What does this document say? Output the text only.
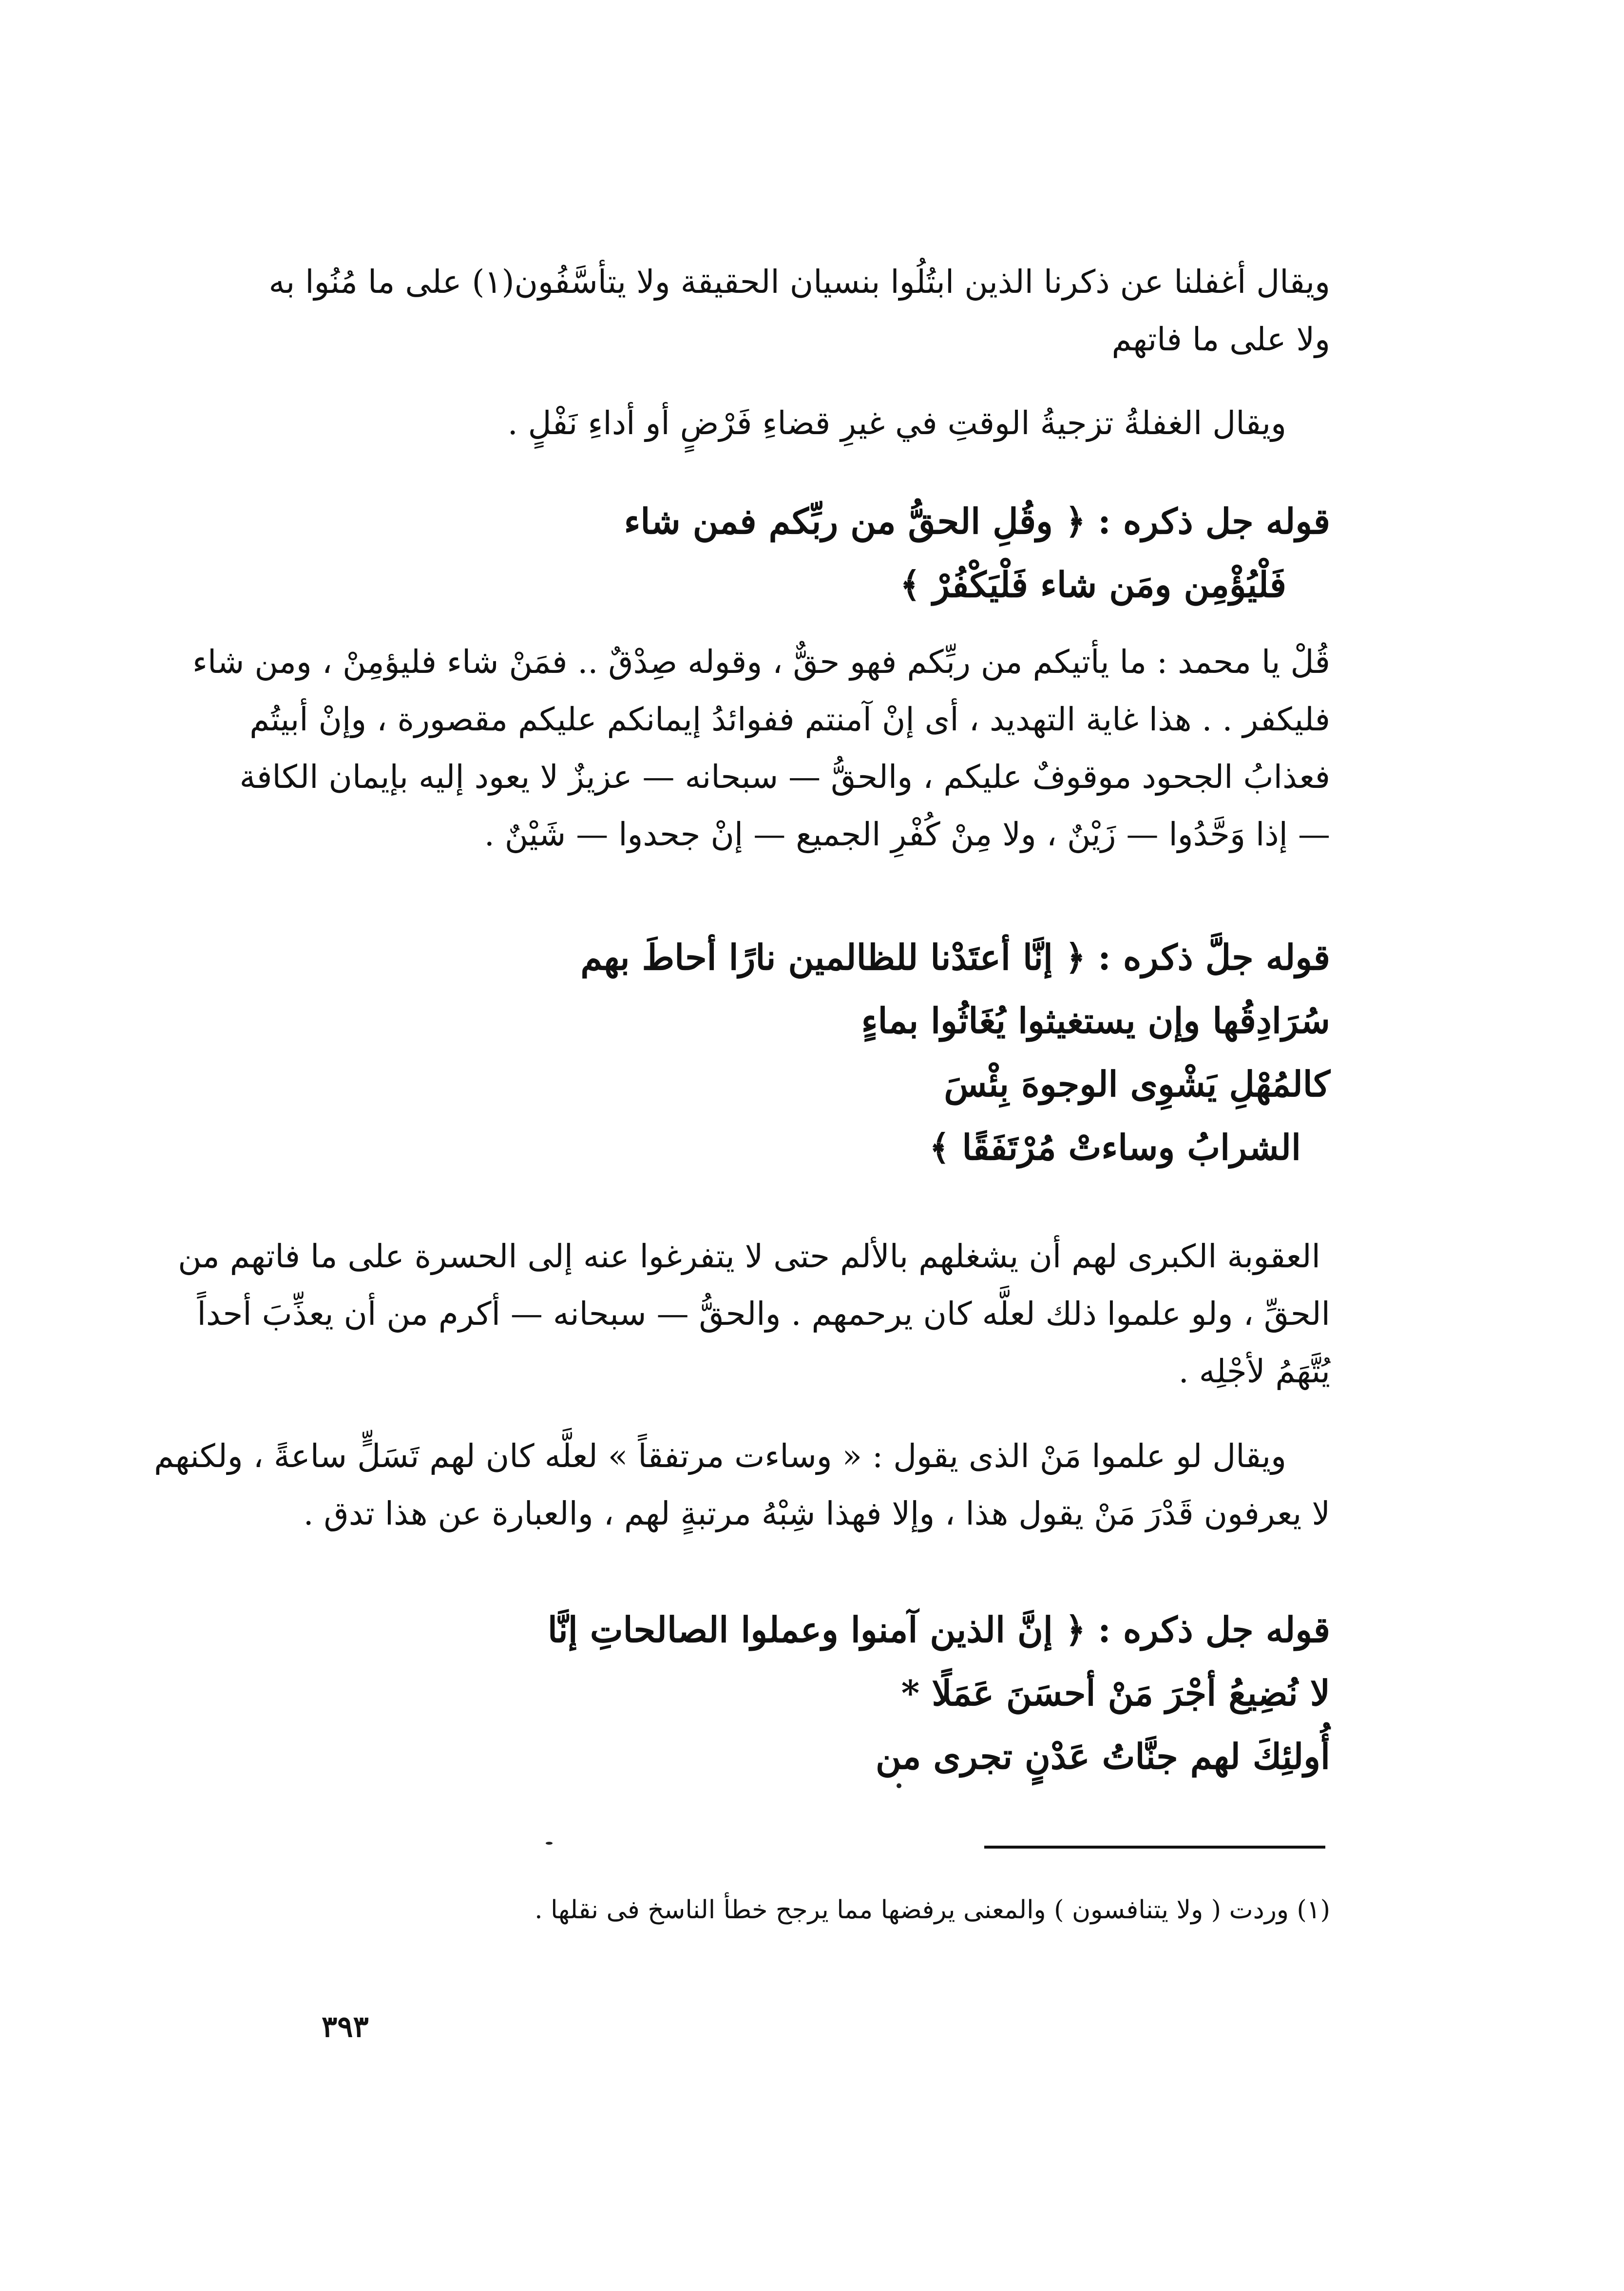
ويقال أغفلنا عن ذكرنا الذين ابتُلُوا بنسيان الحقيقة ولا يتأسَّفُون(١) على ما مُنُوا به
ولا على ما فاتهم

ويقال الغفلةُ تزجيةُ الوقتِ في غيرِ قضاءِ فَرْضٍ أو أداءِ نَفْلٍ .

قوله جل ذكره : ﴿ وقُلِ الحقُّ من ربِّكم فمن شاء
فَلْيُؤْمِن ومَن شاء فَلْيَكْفُرْ ﴾

قُلْ يا محمد : ما يأتيكم من ربِّكم فهو حقٌّ ، وقوله صِدْقٌ .. فمَنْ شاء فليؤمِنْ ، ومن شاء
فليكفر . . هذا غاية التهديد ، أى إنْ آمنتم ففوائدُ إيمانكم عليكم مقصورة ، وإنْ أبيتُم
فعذابُ الجحود موقوفٌ عليكم ، والحقُّ — سبحانه — عزيزٌ لا يعود إليه بإيمان الكافة
— إذا وَحَّدُوا — زَيْنٌ ، ولا مِنْ كُفْرِ الجميع — إنْ جحدوا — شَيْنٌ .

قوله جلَّ ذكره : ﴿ إنَّا أعتَدْنا للظالمين نارًا أحاطَ بهم
سُرَادِقُها وإن يستغيثوا يُغَاثُوا بماءٍ
كالمُهْلِ يَشْوِى الوجوهَ بِئْسَ
الشرابُ وساءتْ مُرْتَفَقًا ﴾

العقوبة الكبرى لهم أن يشغلهم بالألم حتى لا يتفرغوا عنه إلى الحسرة على ما فاتهم من
الحقِّ ، ولو علموا ذلك لعلَّه كان يرحمهم . والحقُّ — سبحانه — أكرم من أن يعذِّبَ أحداً
يُتَّهَمُ لأجْلِه .

ويقال لو علموا مَنْ الذى يقول : « وساءت مرتفقاً » لعلَّه كان لهم تَسَلٍّ ساعةً ، ولكنهم
لا يعرفون قَدْرَ مَنْ يقول هذا ، وإلا فهذا شِبْهُ مرتبةٍ لهم ، والعبارة عن هذا تدق .

قوله جل ذكره : ﴿ إنَّ الذين آمنوا وعملوا الصالحاتِ إنَّا
لا نُضِيعُ أجْرَ مَنْ أحسَنَ عَمَلًا *
أُولئِكَ لهم جنَّاتُ عَدْنٍ تجرى من

(١) وردت ( ولا يتنافسون ) والمعنى يرفضها مما يرجح خطأ الناسخ فى نقلها .

٣٩٣
